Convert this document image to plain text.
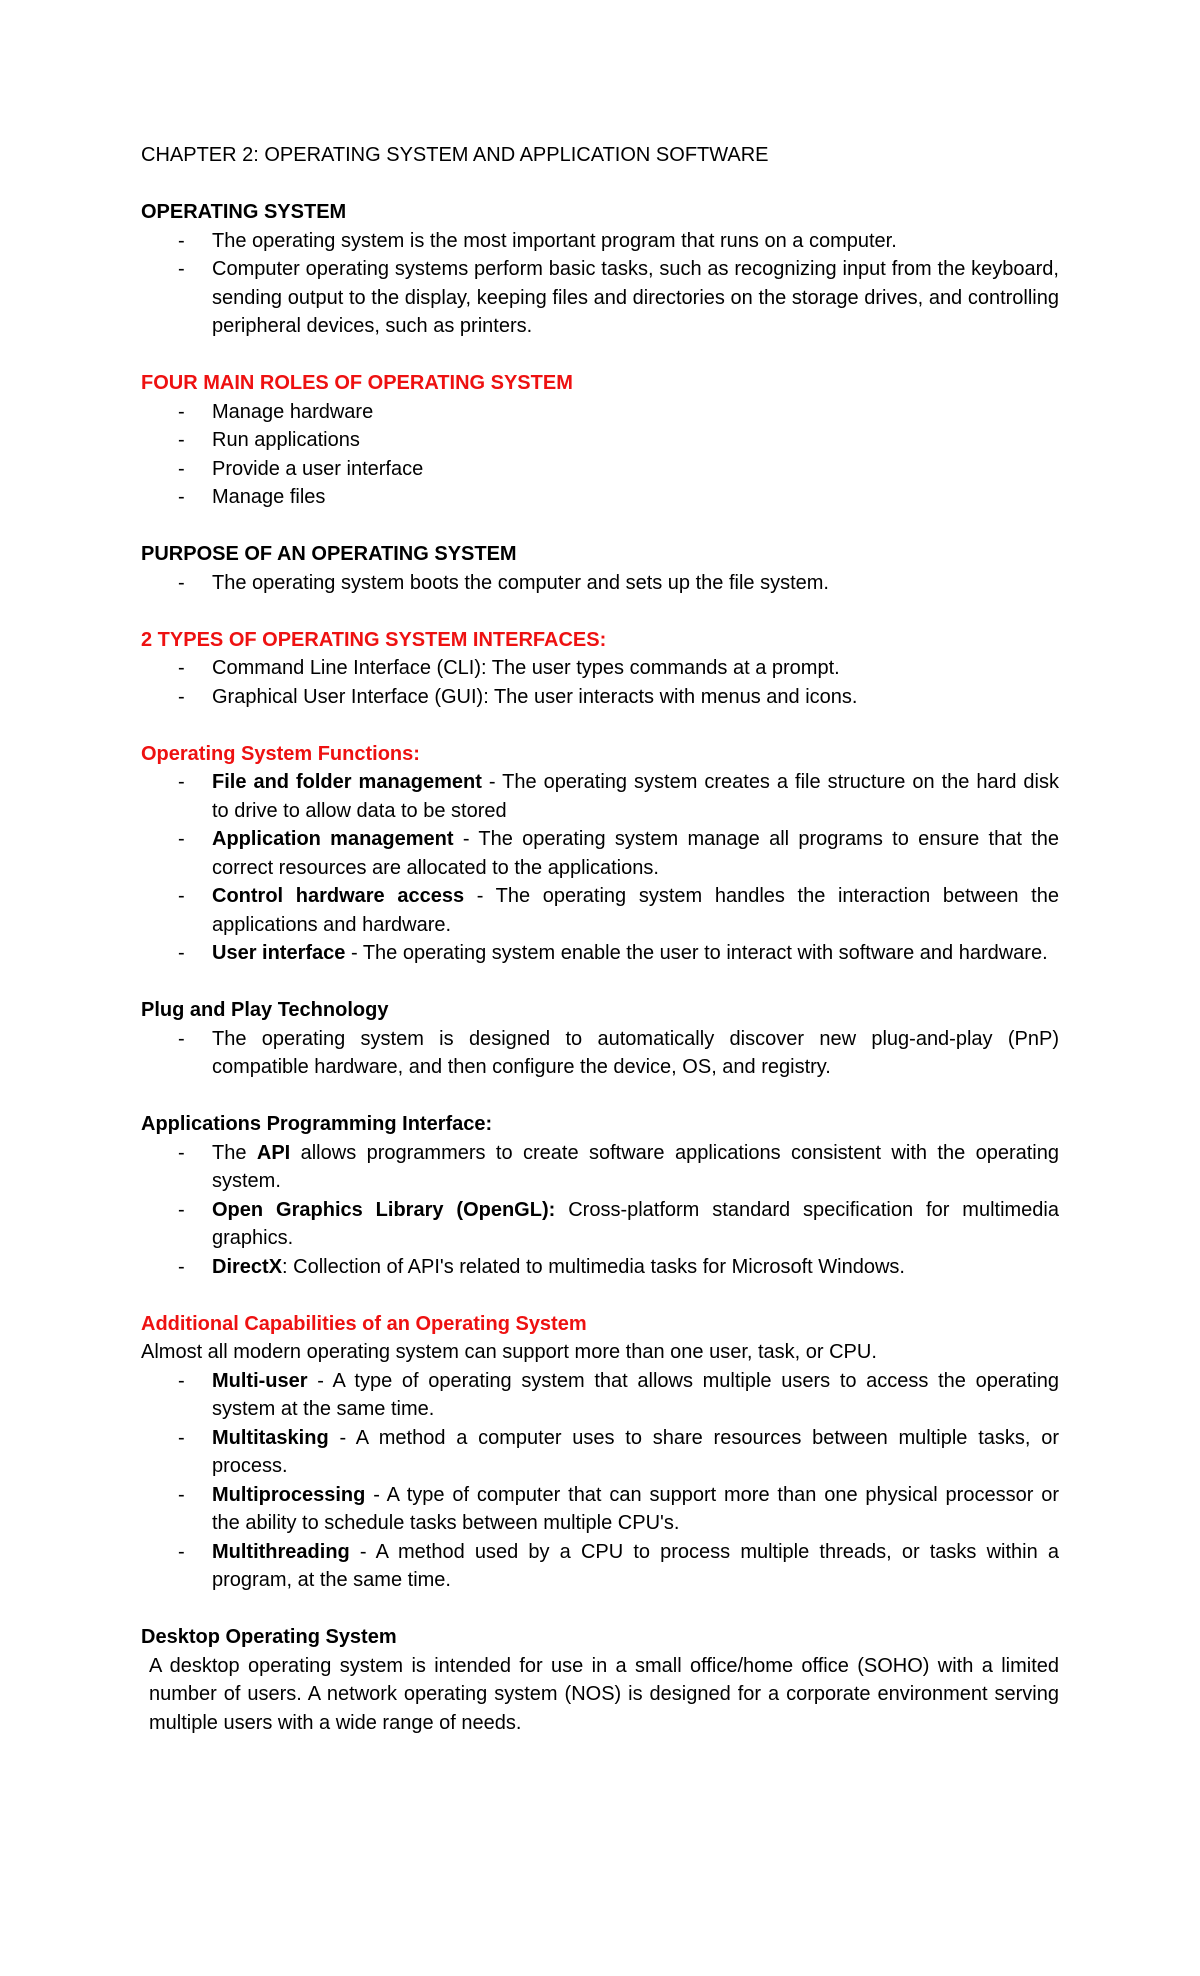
CHAPTER 2: OPERATING SYSTEM AND APPLICATION SOFTWARE

OPERATING SYSTEM

- The operating system is the most important program that runs on a computer.
- Computer operating systems perform basic tasks, such as recognizing input from the keyboard, sending output to the display, keeping files and directories on the storage drives, and controlling peripheral devices, such as printers.

FOUR MAIN ROLES OF OPERATING SYSTEM

- Manage hardware
- Run applications
- Provide a user interface
- Manage files

PURPOSE OF AN OPERATING SYSTEM

- The operating system boots the computer and sets up the file system.

2 TYPES OF OPERATING SYSTEM INTERFACES:

- Command Line Interface (CLI): The user types commands at a prompt.
- Graphical User Interface (GUI): The user interacts with menus and icons.

Operating System Functions:

- File and folder management - The operating system creates a file structure on the hard disk to drive to allow data to be stored
- Application management - The operating system manage all programs to ensure that the correct resources are allocated to the applications.
- Control hardware access - The operating system handles the interaction between the applications and hardware.
- User interface - The operating system enable the user to interact with software and hardware.

Plug and Play Technology

- The operating system is designed to automatically discover new plug-and-play (PnP) compatible hardware, and then configure the device, OS, and registry.

Applications Programming Interface:

- The API allows programmers to create software applications consistent with the operating system.
- Open Graphics Library (OpenGL): Cross-platform standard specification for multimedia graphics.
- DirectX: Collection of API's related to multimedia tasks for Microsoft Windows.

Additional Capabilities of an Operating System

Almost all modern operating system can support more than one user, task, or CPU.

- Multi-user - A type of operating system that allows multiple users to access the operating system at the same time.
- Multitasking - A method a computer uses to share resources between multiple tasks, or process.
- Multiprocessing - A type of computer that can support more than one physical processor or the ability to schedule tasks between multiple CPU's.
- Multithreading - A method used by a CPU to process multiple threads, or tasks within a program, at the same time.

Desktop Operating System

A desktop operating system is intended for use in a small office/home office (SOHO) with a limited number of users. A network operating system (NOS) is designed for a corporate environment serving multiple users with a wide range of needs.
